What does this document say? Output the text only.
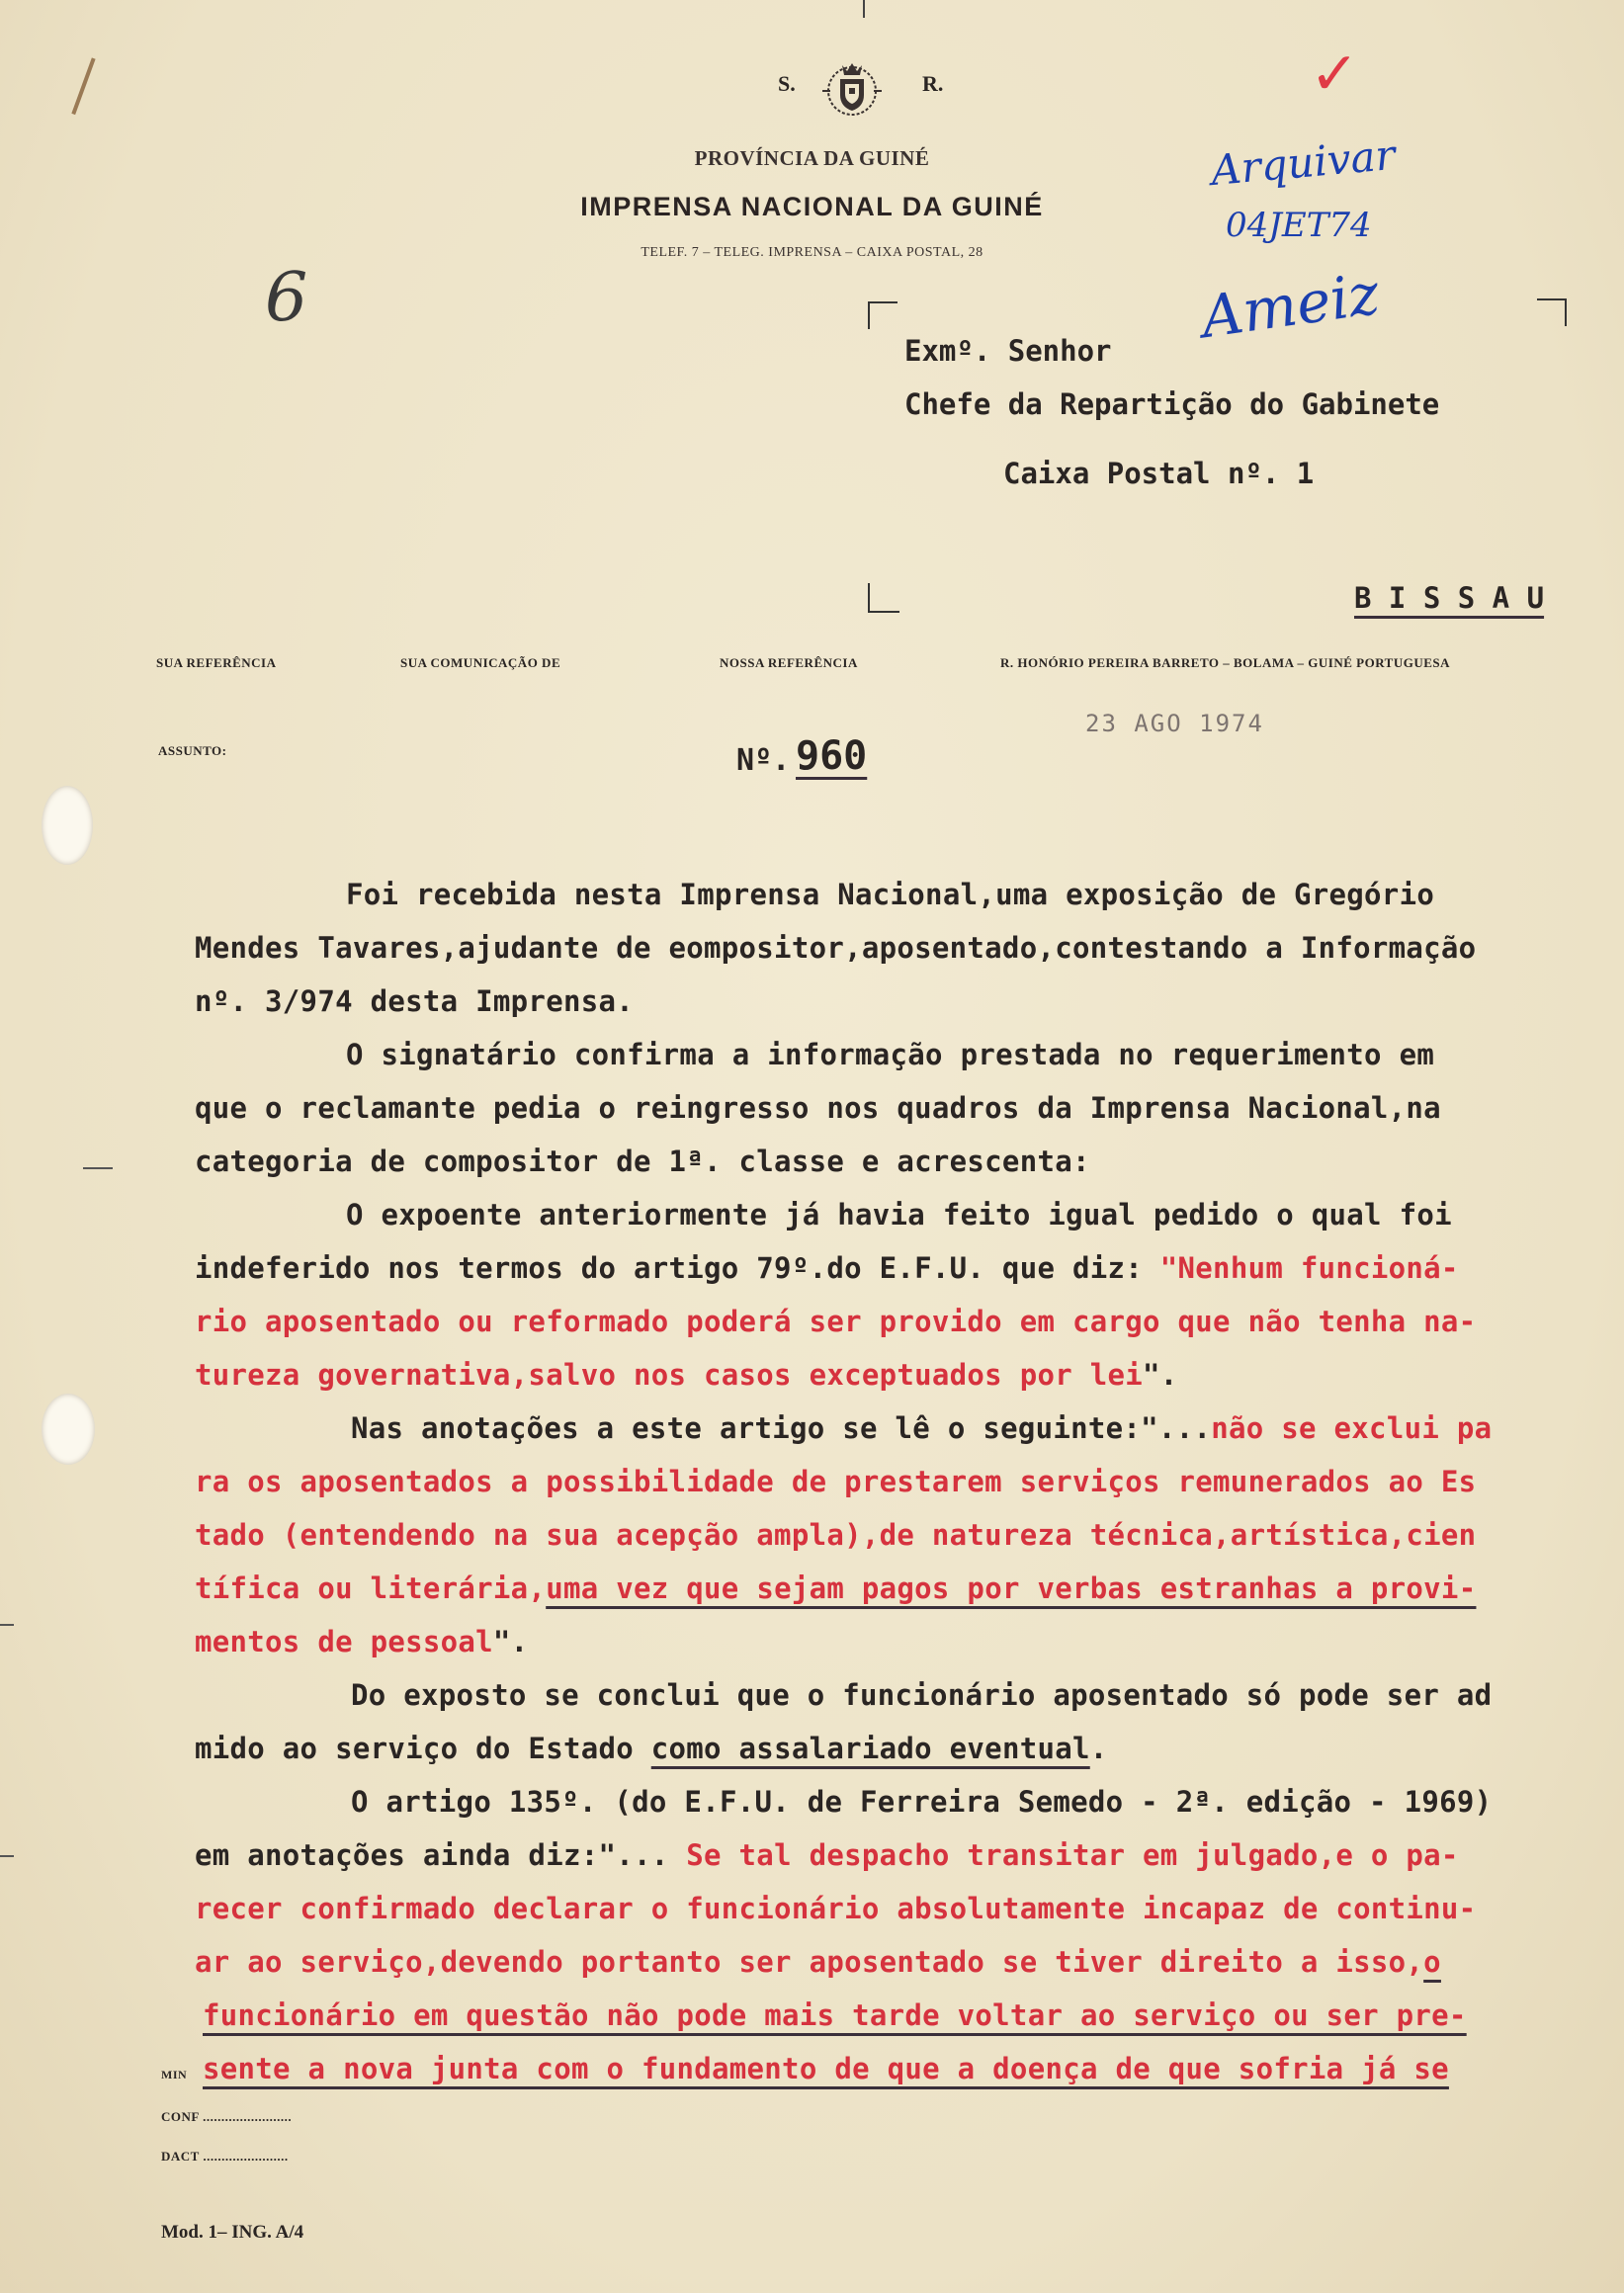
S.	R.
PROVÍNCIA DA GUINÉ
IMPRENSA NACIONAL DA GUINÉ
TELEF. 7 – TELEG. IMPRENSA – CAIXA POSTAL, 28
6
✓
Arquivar
04JET74
Ameiz
Exmº. Senhor
Chefe da Repartição do Gabinete
Caixa Postal nº. 1
B I S S A U
SUA REFERÊNCIA	SUA COMUNICAÇÃO DE	NOSSA REFERÊNCIA	R. HONÓRIO PEREIRA BARRETO – BOLAMA – GUINÉ PORTUGUESA
ASSUNTO:
23 AGO 1974
Nº. 960
Foi recebida nesta Imprensa Nacional,uma exposição de Gregório
Mendes Tavares,ajudante de eompositor,aposentado,contestando a Informação
nº. 3/974 desta Imprensa.
O signatário confirma a informação prestada no requerimento em
que o reclamante pedia o reingresso nos quadros da Imprensa Nacional,na
categoria de compositor de 1ª. classe e acrescenta:
O expoente anteriormente já havia feito igual pedido o qual foi
indeferido nos termos do artigo 79º.do E.F.U. que diz: "Nenhum funcioná-
rio aposentado ou reformado poderá ser provido em cargo que não tenha na-
tureza governativa,salvo nos casos exceptuados por lei".
Nas anotações a este artigo se lê o seguinte:"...não se exclui pa
ra os aposentados a possibilidade de prestarem serviços remunerados ao Es
tado (entendendo na sua acepção ampla),de natureza técnica,artística,cien
tífica ou literária,uma vez que sejam pagos por verbas estranhas a provi-
mentos de pessoal".
Do exposto se conclui que o funcionário aposentado só pode ser ad
mido ao serviço do Estado como assalariado eventual.
O artigo 135º. (do E.F.U. de Ferreira Semedo - 2ª. edição - 1969)
em anotações ainda diz:"... Se tal despacho transitar em julgado,e o pa-
recer confirmado declarar o funcionário absolutamente incapaz de continu-
ar ao serviço,devendo portanto ser aposentado se tiver direito a isso,o
funcionário em questão não pode mais tarde voltar ao serviço ou ser pre-
sente a nova junta com o fundamento de que a doença de que sofria já se
MIN
CONF ........................
DACT .......................
Mod. 1– ING. A/4
